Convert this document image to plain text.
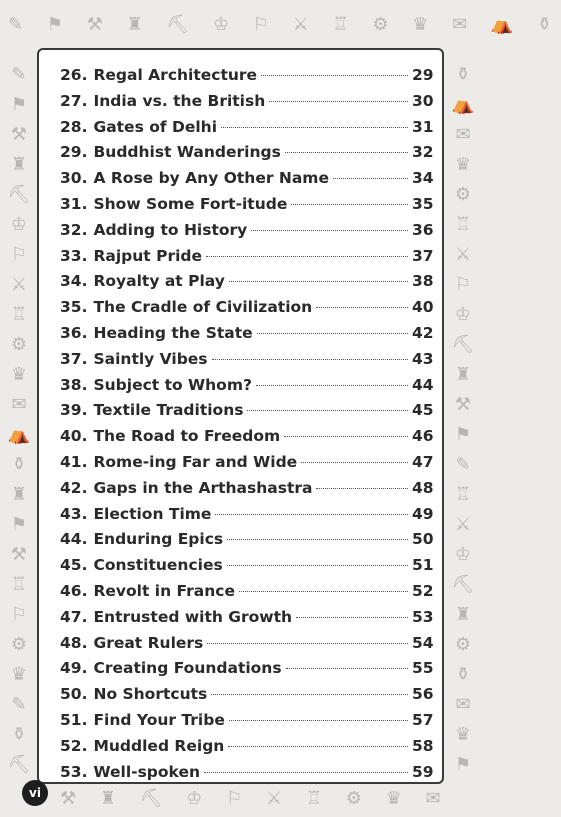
✎ ⚑ ⚒ ♜ ⛏ ♔ ⚐ ⚔ ♖ ⚙ ♛ ✉ ⛺ ⚱
✎ ⚑ ⚒ ♜ ⛏ ♔ ⚐ ⚔ ♖ ⚙ ♛ ✉ ⛺ ⚱ ♜ ⚑ ⚒ ♖ ⚐ ⚙ ♛ ✎ ⚱ ⛏
⚱ ⛺ ✉ ♛ ⚙ ♖ ⚔ ⚐ ♔ ⛏ ♜ ⚒ ⚑ ✎ ♖ ⚔ ♔ ⛏ ♜ ⚙ ⚱ ✉ ♛ ⚑
⚒ ♜ ⛏ ♔ ⚐ ⚔ ♖ ⚙ ♛ ✉
26. Regal Architecture	29
27. India vs. the British	30
28. Gates of Delhi	31
29. Buddhist Wanderings	32
30. A Rose by Any Other Name	34
31. Show Some Fort-itude	35
32. Adding to History	36
33. Rajput Pride	37
34. Royalty at Play	38
35. The Cradle of Civilization	40
36. Heading the State	42
37. Saintly Vibes	43
38. Subject to Whom?	44
39. Textile Traditions	45
40. The Road to Freedom	46
41. Rome-ing Far and Wide	47
42. Gaps in the Arthashastra	48
43. Election Time	49
44. Enduring Epics	50
45. Constituencies	51
46. Revolt in France	52
47. Entrusted with Growth	53
48. Great Rulers	54
49. Creating Foundations	55
50. No Shortcuts	56
51. Find Your Tribe	57
52. Muddled Reign	58
53. Well-spoken	59
vi
